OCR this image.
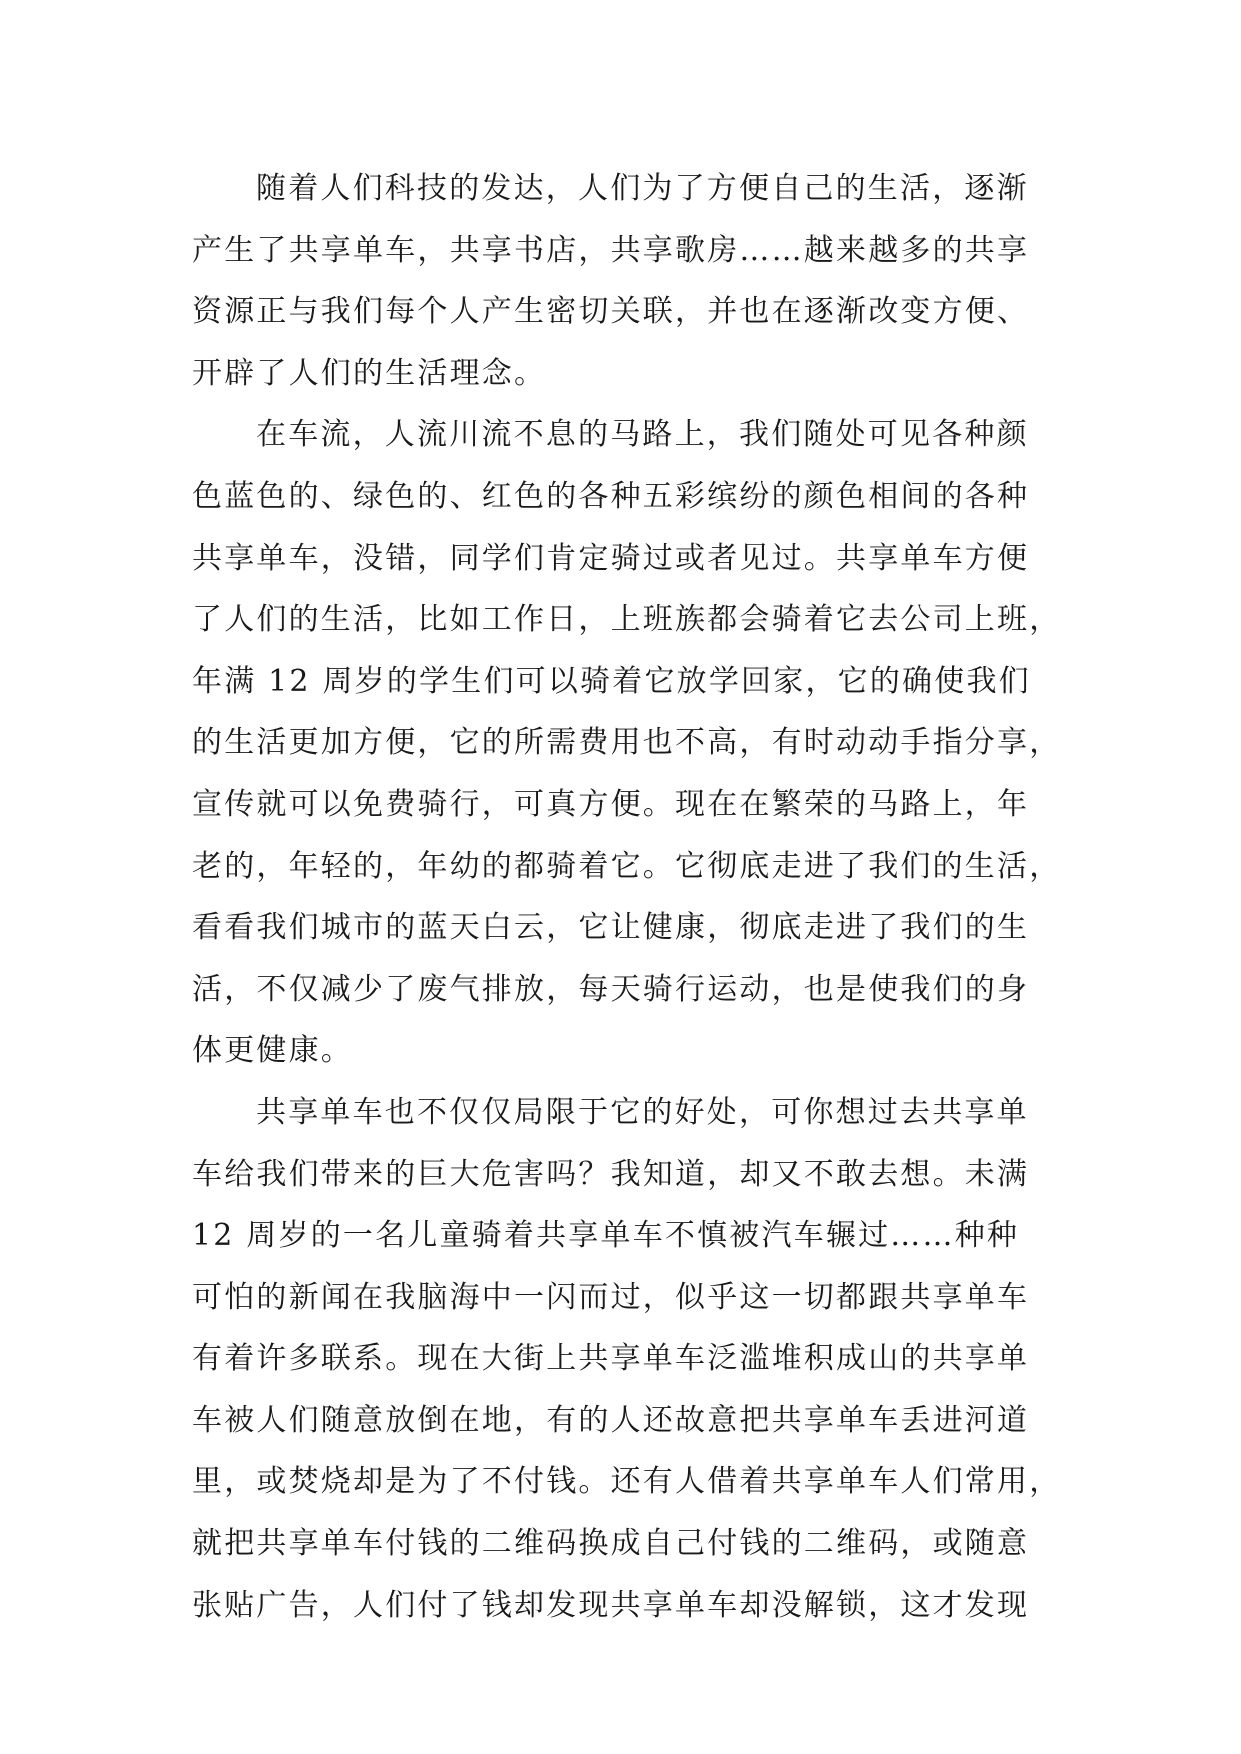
随着人们科技的发达，人们为了方便自己的生活，逐渐
产生了共享单车，共享书店，共享歌房……越来越多的共享
资源正与我们每个人产生密切关联，并也在逐渐改变方便、
开辟了人们的生活理念。
在车流，人流川流不息的马路上，我们随处可见各种颜
色蓝色的、绿色的、红色的各种五彩缤纷的颜色相间的各种
共享单车，没错，同学们肯定骑过或者见过。共享单车方便
了人们的生活，比如工作日，上班族都会骑着它去公司上班，
年满 12 周岁的学生们可以骑着它放学回家，它的确使我们
的生活更加方便，它的所需费用也不高，有时动动手指分享，
宣传就可以免费骑行，可真方便。现在在繁荣的马路上，年
老的，年轻的，年幼的都骑着它。它彻底走进了我们的生活，
看看我们城市的蓝天白云，它让健康，彻底走进了我们的生
活，不仅减少了废气排放，每天骑行运动，也是使我们的身
体更健康。
共享单车也不仅仅局限于它的好处，可你想过去共享单
车给我们带来的巨大危害吗？我知道，却又不敢去想。未满
12 周岁的一名儿童骑着共享单车不慎被汽车辗过……种种
可怕的新闻在我脑海中一闪而过，似乎这一切都跟共享单车
有着许多联系。现在大街上共享单车泛滥堆积成山的共享单
车被人们随意放倒在地，有的人还故意把共享单车丢进河道
里，或焚烧却是为了不付钱。还有人借着共享单车人们常用，
就把共享单车付钱的二维码换成自己付钱的二维码，或随意
张贴广告，人们付了钱却发现共享单车却没解锁，这才发现
